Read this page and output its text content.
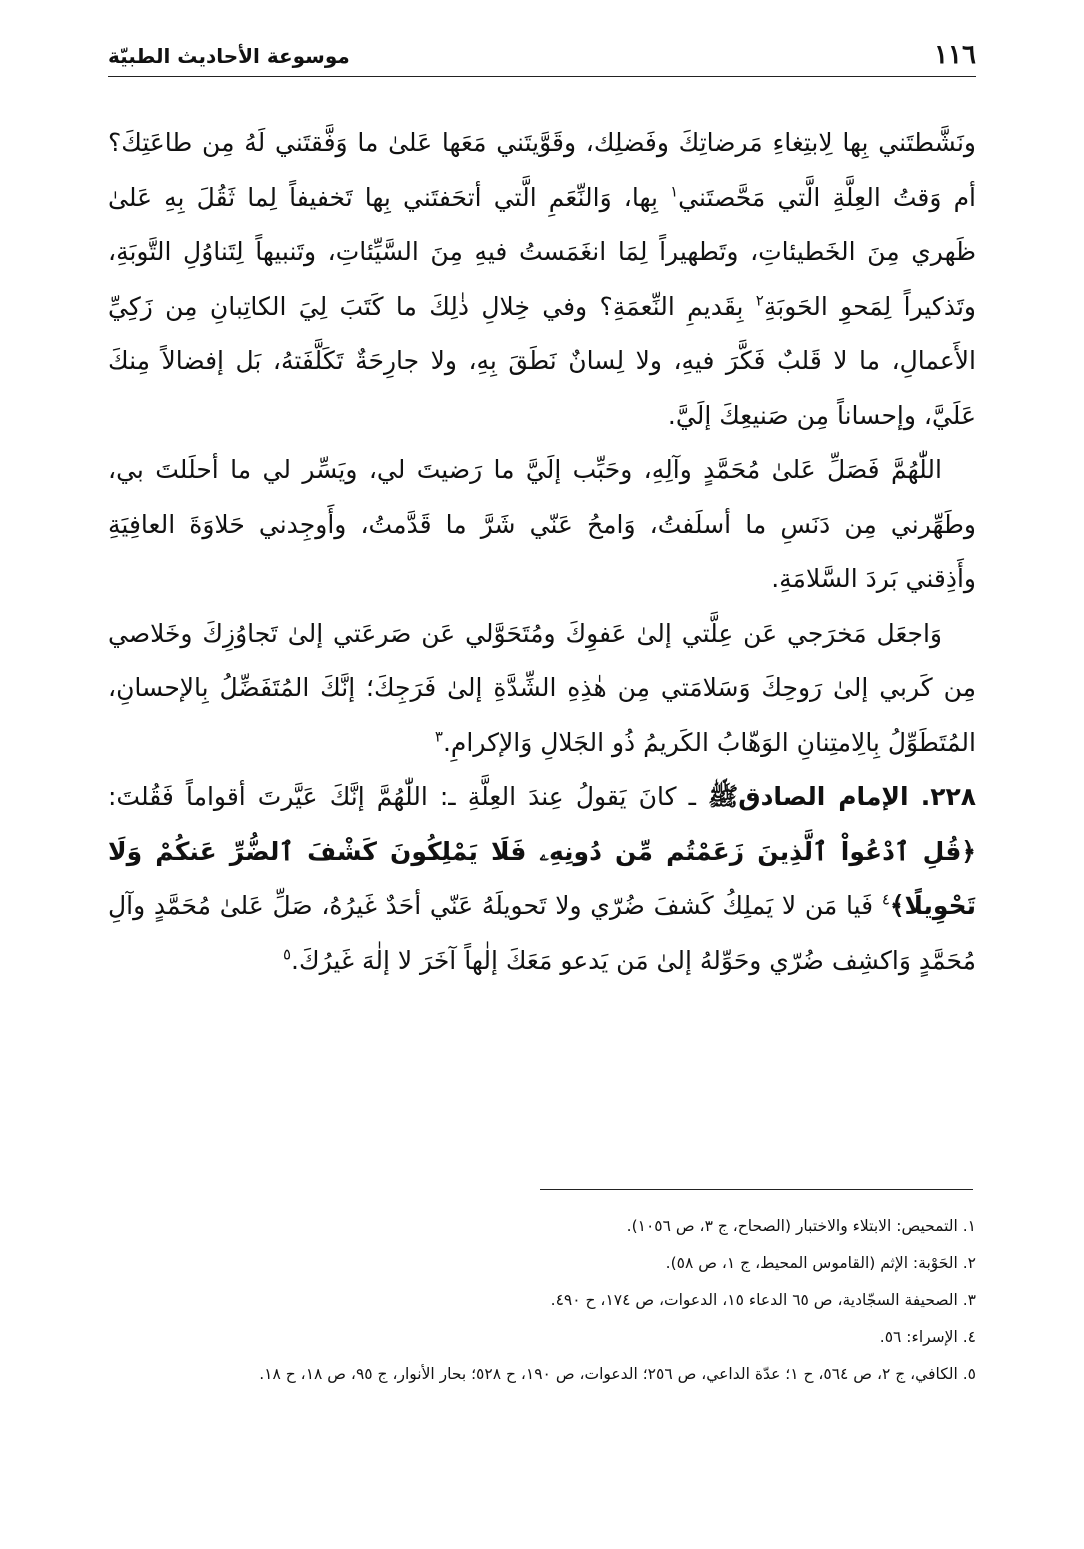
١١٦
موسوعة الأحاديث الطبيّة

ونَشَّطتَني بِها لِابتِغاءِ مَرضاتِكَ وفَضلِك، وقَوَّيتَني مَعَها عَلىٰ ما وَفَّقتَني لَهُ مِن طاعَتِكَ؟ أم وَقتُ العِلَّةِ الَّتي مَحَّصتَني$^١$ بِها، وَالنِّعَمِ الَّتي أتحَفتَني بِها تَخفيفاً لِما ثَقُلَ بِهِ عَلىٰ ظَهري مِنَ الخَطيئاتِ، وتَطهيراً لِمَا انغَمَستُ فيهِ مِنَ السَّيِّئاتِ، وتَنبيهاً لِتَناوُلِ التَّوبَةِ، وتَذكيراً لِمَحوِ الحَوبَةِ$^٢$ بِقَديمِ النِّعمَةِ؟ وفي خِلالِ ذٰلِكَ ما كَتَبَ لِيَ الكاتِبانِ مِن زَكِيِّ الأَعمالِ، ما لا قَلبٌ فَكَّرَ فيهِ، ولا لِسانٌ نَطَقَ بِهِ، ولا جارِحَةٌ تَكَلَّفَتهُ، بَل إفضالاً مِنكَ عَلَيَّ، وإحساناً مِن صَنيعِكَ إلَيَّ.

اللّٰهُمَّ فَصَلِّ عَلىٰ مُحَمَّدٍ وآلِهِ، وحَبِّب إلَيَّ ما رَضيتَ لي، ويَسِّر لي ما أحلَلتَ بي، وطَهِّرني مِن دَنَسِ ما أسلَفتُ، وَامحُ عَنّي شَرَّ ما قَدَّمتُ، وأَوجِدني حَلاوَةَ العافِيَةِ وأَذِقني بَردَ السَّلامَةِ.

وَاجعَل مَخرَجي عَن عِلَّتي إلىٰ عَفوِكَ ومُتَحَوَّلي عَن صَرعَتي إلىٰ تَجاوُزِكَ وخَلاصي مِن كَربي إلىٰ رَوحِكَ وَسَلامَتي مِن هٰذِهِ الشِّدَّةِ إلىٰ فَرَجِكَ؛ إنَّكَ المُتَفَضِّلُ بِالإحسانِ، المُتَطَوِّلُ بِالِامتِنانِ الوَهّابُ الكَريمُ ذُو الجَلالِ وَالإكرامِ.$^٣$

٢٢٨. الإمام الصادقﷺ ـ كانَ يَقولُ عِندَ العِلَّةِ ـ: اللّٰهُمَّ إنَّكَ عَيَّرتَ أقواماً فَقُلتَ: ﴿قُلِ ٱدْعُواْ ٱلَّذِينَ زَعَمْتُم مِّن دُونِهِۦ فَلَا يَمْلِكُونَ كَشْفَ ٱلضُّرِّ عَنكُمْ وَلَا تَحْوِيلًا﴾$^٤$ فَيا مَن لا يَملِكُ كَشفَ ضُرّي ولا تَحويلَهُ عَنّي أحَدٌ غَيرُهُ، صَلِّ عَلىٰ مُحَمَّدٍ وآلِ مُحَمَّدٍ وَاكشِف ضُرّي وحَوِّلهُ إلىٰ مَن يَدعو مَعَكَ إلٰهاً آخَرَ لا إلٰهَ غَيرُكَ.$^٥$

١. التمحيص: الابتلاء والاختبار (الصحاح، ج ٣، ص ١٠٥٦).

٢. الحَوْبة: الإثم (القاموس المحيط، ج ١، ص ٥٨).

٣. الصحيفة السجّادية، ص ٦٥ الدعاء ١٥، الدعوات، ص ١٧٤، ح ٤٩٠.

٤. الإسراء: ٥٦.

٥. الكافي، ج ٢، ص ٥٦٤، ح ١؛ عدّة الداعي، ص ٢٥٦؛ الدعوات، ص ١٩٠، ح ٥٢٨؛ بحار الأنوار، ج ٩٥، ص ١٨، ح ١٨.
